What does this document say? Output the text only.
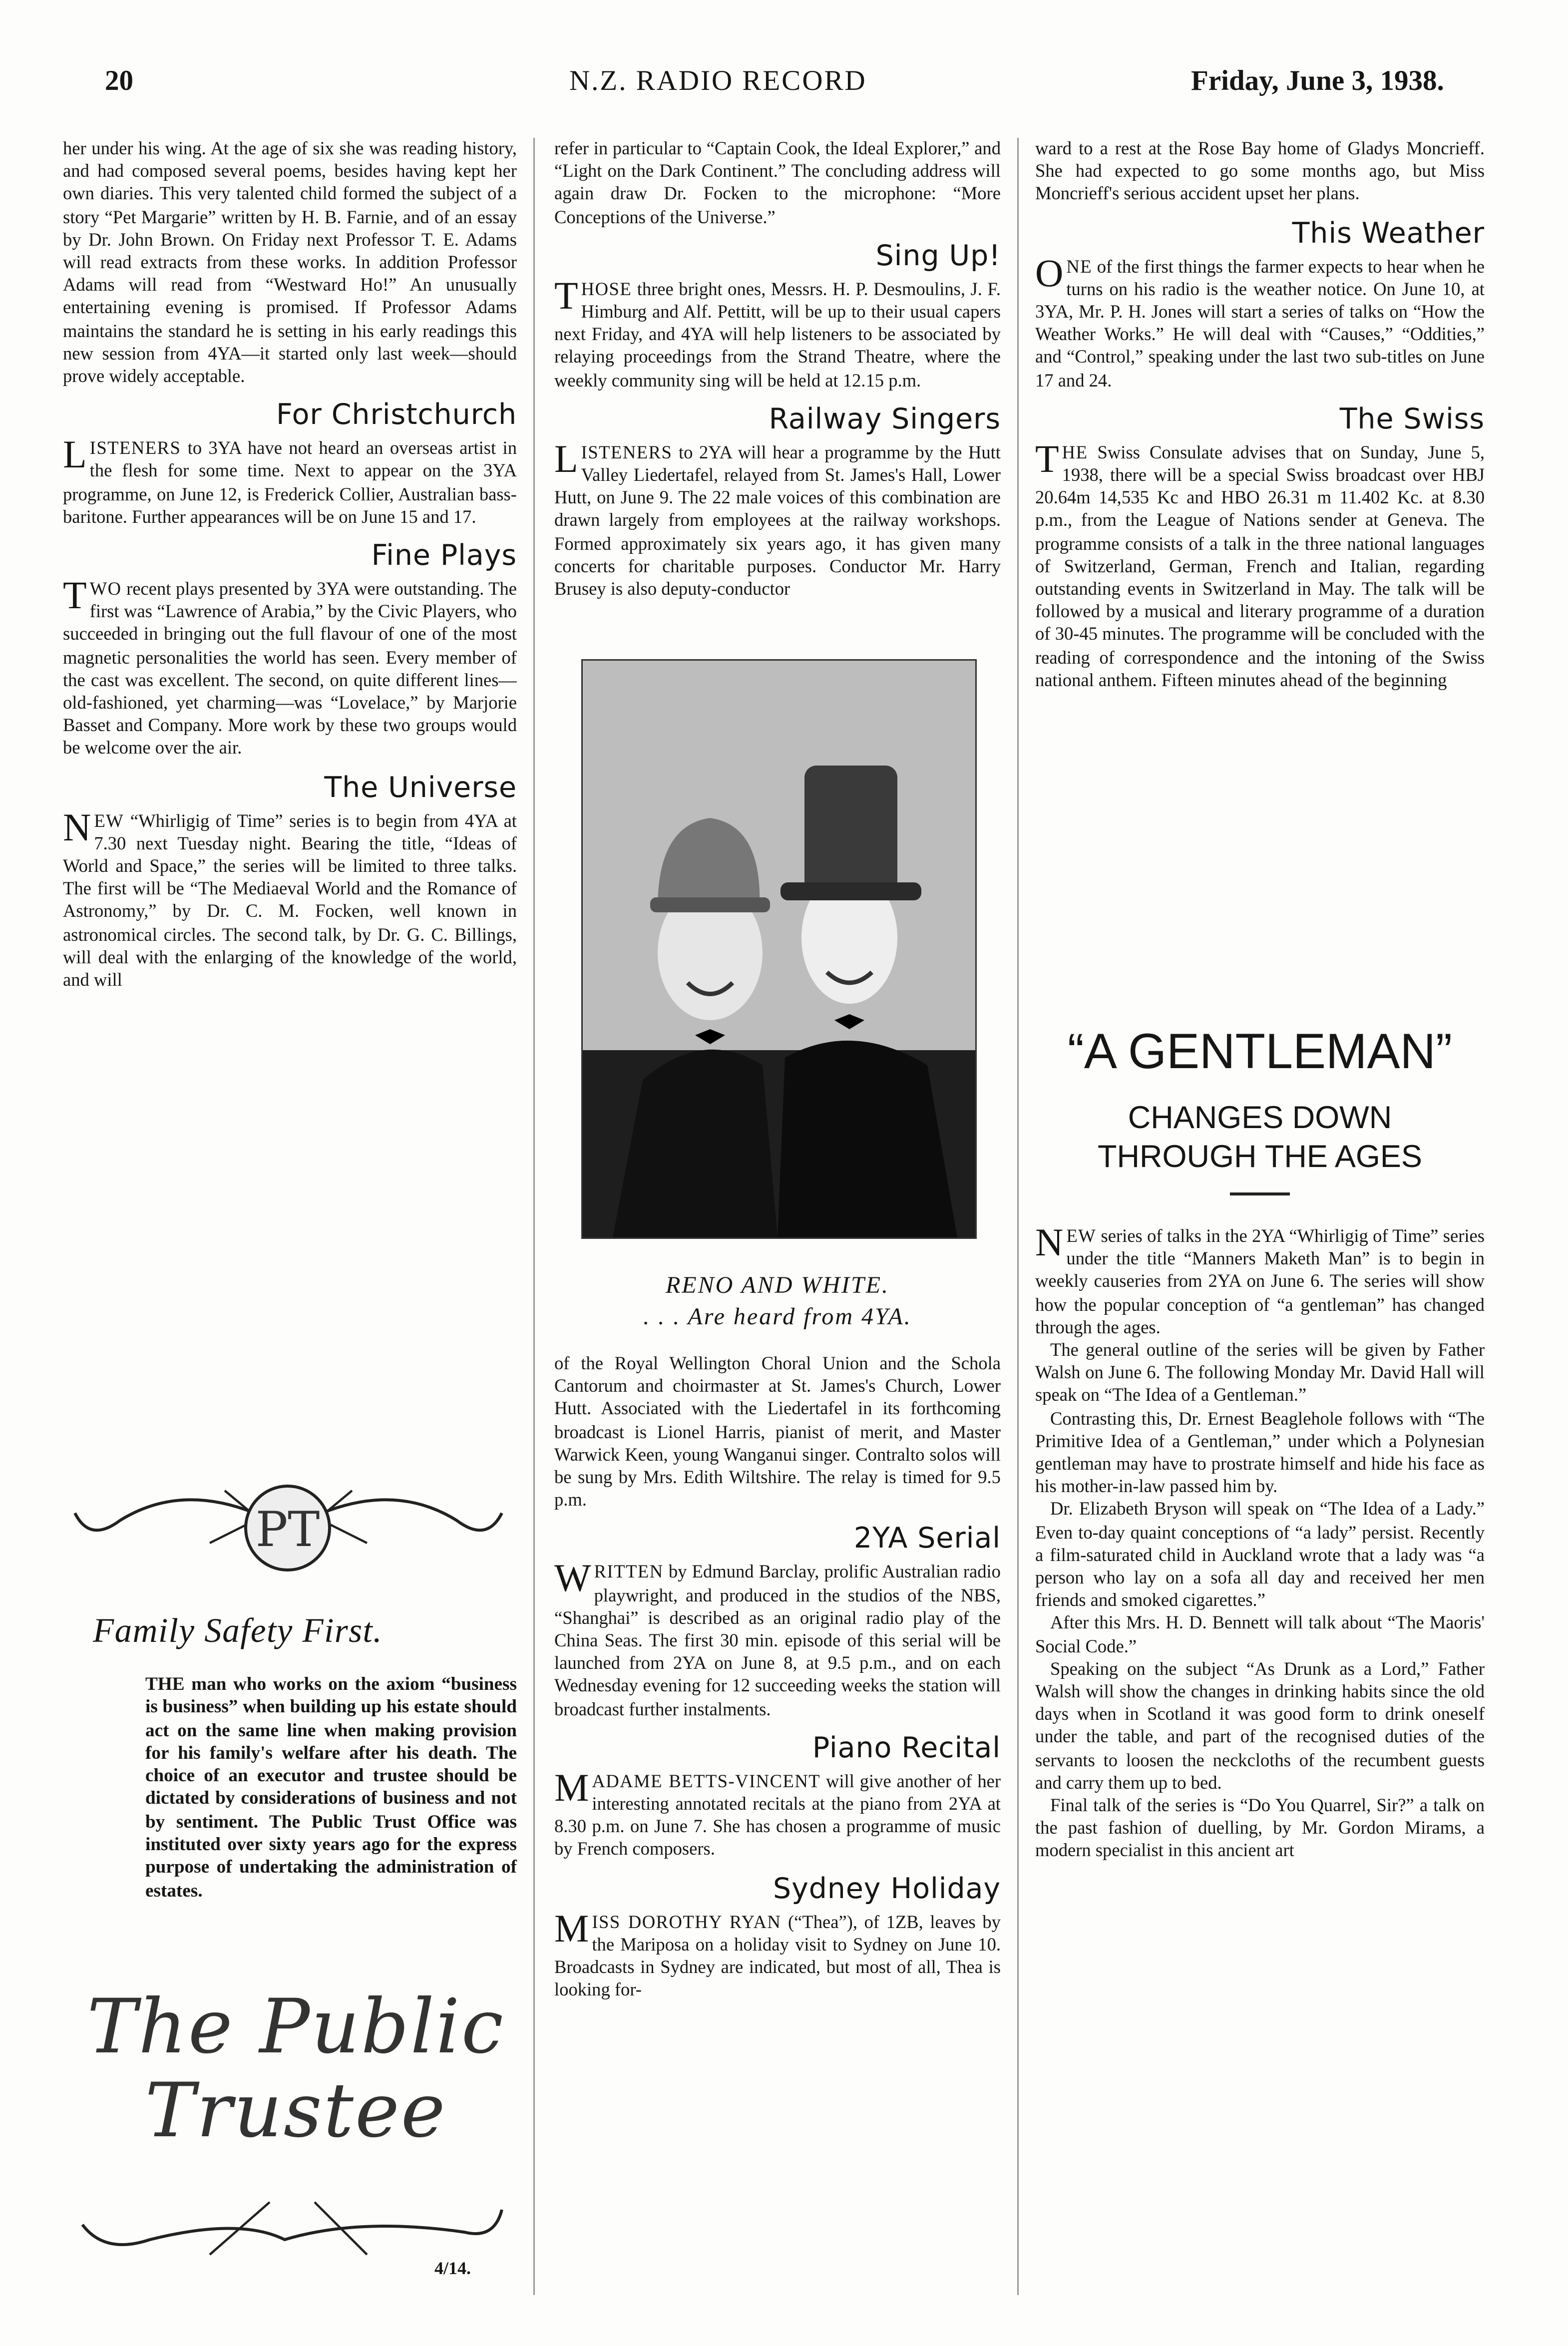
20	N.Z. RADIO RECORD	Friday, June 3, 1938.

her under his wing. At the age of six she was reading history, and had composed several poems, besides having kept her own diaries. This very talented child formed the subject of a story “Pet Margarie” written by H. B. Farnie, and of an essay by Dr. John Brown. On Friday next Professor T. E. Adams will read extracts from these works. In addition Professor Adams will read from “Westward Ho!” An unusually entertaining evening is promised. If Professor Adams maintains the standard he is setting in his early readings this new session from 4YA—it started only last week—should prove widely acceptable.

For Christchurch

LISTENERS to 3YA have not heard an overseas artist in the flesh for some time. Next to appear on the 3YA programme, on June 12, is Frederick Collier, Australian bass-baritone. Further appearances will be on June 15 and 17.

Fine Plays

TWO recent plays presented by 3YA were outstanding. The first was “Lawrence of Arabia,” by the Civic Players, who succeeded in bringing out the full flavour of one of the most magnetic personalities the world has seen. Every member of the cast was excellent. The second, on quite different lines—old-fashioned, yet charming—was “Lovelace,” by Marjorie Basset and Company. More work by these two groups would be welcome over the air.

The Universe

NEW “Whirligig of Time” series is to begin from 4YA at 7.30 next Tuesday night. Bearing the title, “Ideas of World and Space,” the series will be limited to three talks. The first will be “The Mediaeval World and the Romance of Astronomy,” by Dr. C. M. Focken, well known in astronomical circles. The second talk, by Dr. G. C. Billings, will deal with the enlarging of the knowledge of the world, and will

refer in particular to “Captain Cook, the Ideal Explorer,” and “Light on the Dark Continent.” The concluding address will again draw Dr. Focken to the microphone: “More Conceptions of the Universe.”

Sing Up!

THOSE three bright ones, Messrs. H. P. Desmoulins, J. F. Himburg and Alf. Pettitt, will be up to their usual capers next Friday, and 4YA will help listeners to be associated by relaying proceedings from the Strand Theatre, where the weekly community sing will be held at 12.15 p.m.

Railway Singers

LISTENERS to 2YA will hear a programme by the Hutt Valley Liedertafel, relayed from St. James's Hall, Lower Hutt, on June 9. The 22 male voices of this combination are drawn largely from employees at the railway workshops. Formed approximately six years ago, it has given many concerts for charitable purposes. Conductor Mr. Harry Brusey is also deputy-conductor

RENO AND WHITE.
. . . Are heard from 4YA.

of the Royal Wellington Choral Union and the Schola Cantorum and choirmaster at St. James's Church, Lower Hutt. Associated with the Liedertafel in its forthcoming broadcast is Lionel Harris, pianist of merit, and Master Warwick Keen, young Wanganui singer. Contralto solos will be sung by Mrs. Edith Wiltshire. The relay is timed for 9.5 p.m.

2YA Serial

WRITTEN by Edmund Barclay, prolific Australian radio playwright, and produced in the studios of the NBS, “Shanghai” is described as an original radio play of the China Seas. The first 30 min. episode of this serial will be launched from 2YA on June 8, at 9.5 p.m., and on each Wednesday evening for 12 succeeding weeks the station will broadcast further instalments.

Piano Recital

MADAME BETTS-VINCENT will give another of her interesting annotated recitals at the piano from 2YA at 8.30 p.m. on June 7. She has chosen a programme of music by French composers.

Sydney Holiday

MISS DOROTHY RYAN (“Thea”), of 1ZB, leaves by the Mariposa on a holiday visit to Sydney on June 10. Broadcasts in Sydney are indicated, but most of all, Thea is looking for-

ward to a rest at the Rose Bay home of Gladys Moncrieff. She had expected to go some months ago, but Miss Moncrieff's serious accident upset her plans.

This Weather

ONE of the first things the farmer expects to hear when he turns on his radio is the weather notice. On June 10, at 3YA, Mr. P. H. Jones will start a series of talks on “How the Weather Works.” He will deal with “Causes,” “Oddities,” and “Control,” speaking under the last two sub-titles on June 17 and 24.

The Swiss

THE Swiss Consulate advises that on Sunday, June 5, 1938, there will be a special Swiss broadcast over HBJ 20.64m 14,535 Kc and HBO 26.31 m 11.402 Kc. at 8.30 p.m., from the League of Nations sender at Geneva. The programme consists of a talk in the three national languages of Switzerland, German, French and Italian, regarding outstanding events in Switzerland in May. The talk will be followed by a musical and literary programme of a duration of 30-45 minutes. The programme will be concluded with the reading of correspondence and the intoning of the Swiss national anthem. Fifteen minutes ahead of the beginning

“A GENTLEMAN”
CHANGES DOWN THROUGH THE AGES

NEW series of talks in the 2YA “Whirligig of Time” series under the title “Manners Maketh Man” is to begin in weekly causeries from 2YA on June 6. The series will show how the popular conception of “a gentleman” has changed through the ages.

The general outline of the series will be given by Father Walsh on June 6. The following Monday Mr. David Hall will speak on “The Idea of a Gentleman.”

Contrasting this, Dr. Ernest Beaglehole follows with “The Primitive Idea of a Gentleman,” under which a Polynesian gentleman may have to prostrate himself and hide his face as his mother-in-law passed him by.

Dr. Elizabeth Bryson will speak on “The Idea of a Lady.” Even to-day quaint conceptions of “a lady” persist. Recently a film-saturated child in Auckland wrote that a lady was “a person who lay on a sofa all day and received her men friends and smoked cigarettes.”

After this Mrs. H. D. Bennett will talk about “The Maoris' Social Code.”

Speaking on the subject “As Drunk as a Lord,” Father Walsh will show the changes in drinking habits since the old days when in Scotland it was good form to drink oneself under the table, and part of the recognised duties of the servants to loosen the neckcloths of the recumbent guests and carry them up to bed.

Final talk of the series is “Do You Quarrel, Sir?” a talk on the past fashion of duelling, by Mr. Gordon Mirams, a modern specialist in this ancient art

PT
Family Safety First.
THE man who works on the axiom “business is business” when building up his estate should act on the same line when making provision for his family's welfare after his death. The choice of an executor and trustee should be dictated by considerations of business and not by sentiment. The Public Trust Office was instituted over sixty years ago for the express purpose of undertaking the administration of estates.
The Public
Trustee
4/14.
